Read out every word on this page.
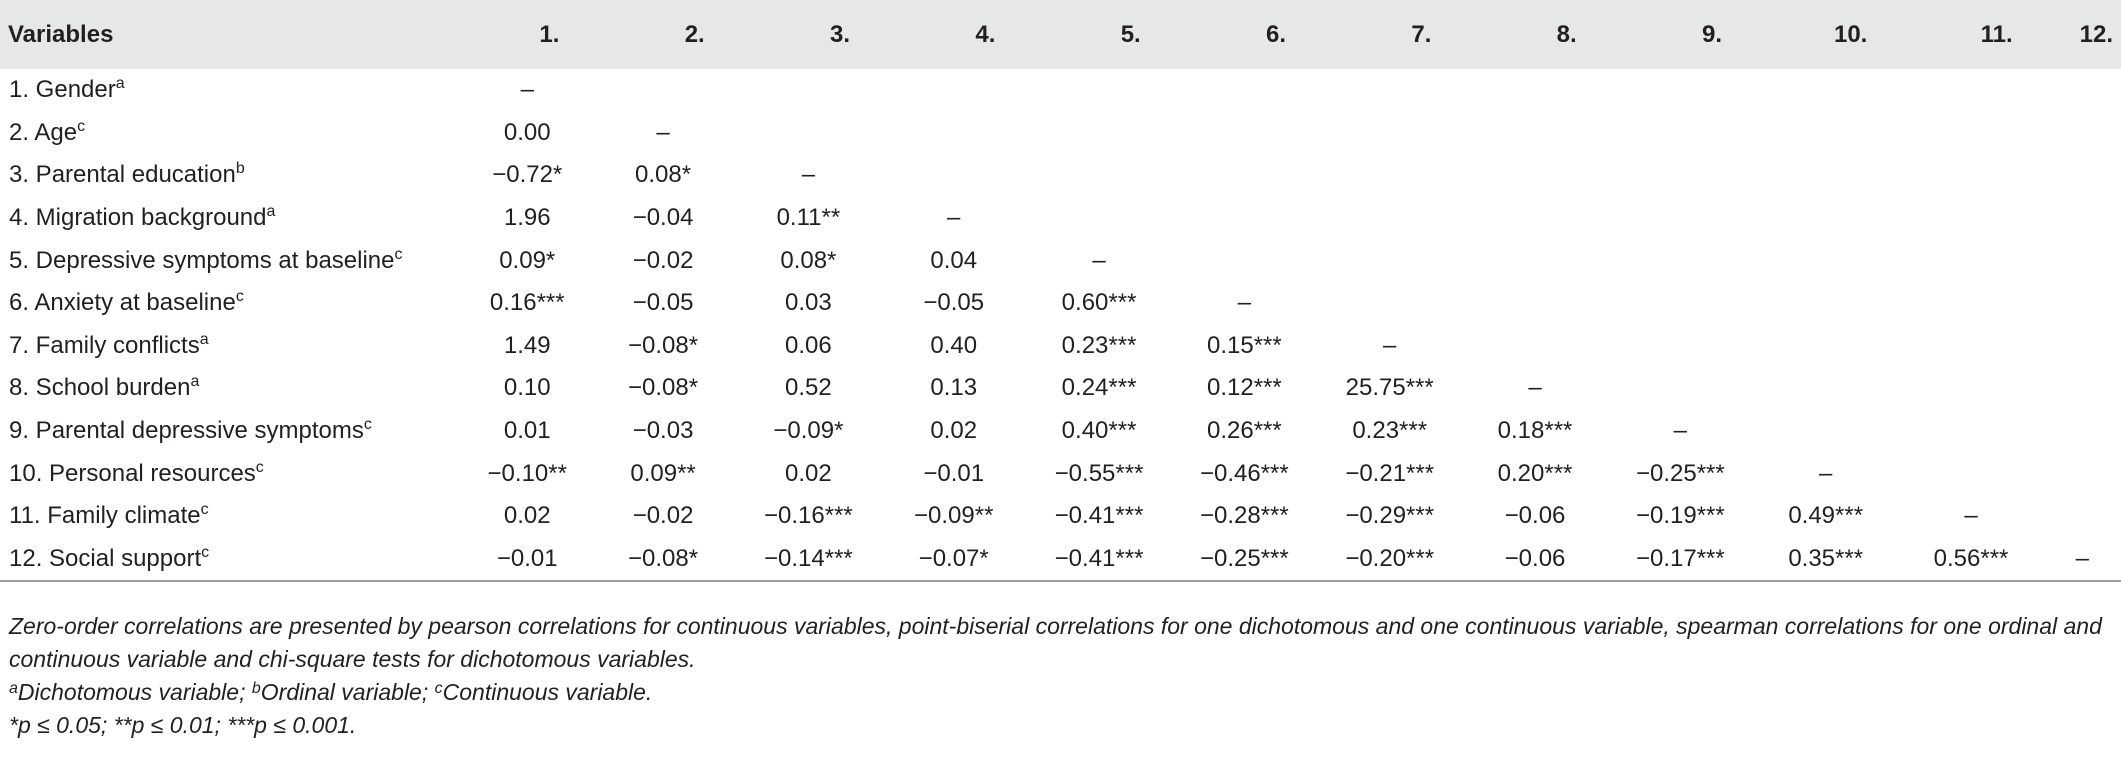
Variables	1.	2.	3.	4.	5.	6.	7.	8.	9.	10.	11.	12.
1. Gender$^a$	–											
2. Age$^c$	0.00	–										
3. Parental education$^b$	−0.72*	0.08*	–									
4. Migration background$^a$	1.96	−0.04	0.11**	–								
5. Depressive symptoms at baseline$^c$	0.09*	−0.02	0.08*	0.04	–							
6. Anxiety at baseline$^c$	0.16***	−0.05	0.03	−0.05	0.60***	–						
7. Family conflicts$^a$	1.49	−0.08*	0.06	0.40	0.23***	0.15***	–					
8. School burden$^a$	0.10	−0.08*	0.52	0.13	0.24***	0.12***	25.75***	–				
9. Parental depressive symptoms$^c$	0.01	−0.03	−0.09*	0.02	0.40***	0.26***	0.23***	0.18***	–			
10. Personal resources$^c$	−0.10**	0.09**	0.02	−0.01	−0.55***	−0.46***	−0.21***	0.20***	−0.25***	–		
11. Family climate$^c$	0.02	−0.02	−0.16***	−0.09**	−0.41***	−0.28***	−0.29***	−0.06	−0.19***	0.49***	–	
12. Social support$^c$	−0.01	−0.08*	−0.14***	−0.07*	−0.41***	−0.25***	−0.20***	−0.06	−0.17***	0.35***	0.56***	–

Zero-order correlations are presented by pearson correlations for continuous variables, point-biserial correlations for one dichotomous and one continuous variable, spearman correlations for one ordinal and continuous variable and chi-square tests for dichotomous variables.

$^a$Dichotomous variable; $^b$Ordinal variable; $^c$Continuous variable.

*p ≤ 0.05; **p ≤ 0.01; ***p ≤ 0.001.
